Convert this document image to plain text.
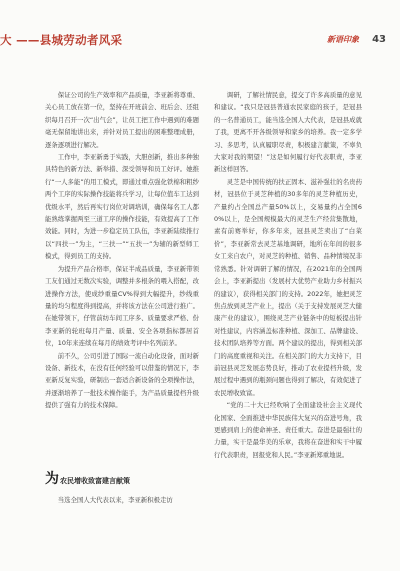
大 ——县城劳动者风采	新语印象 43

保证公司的生产效率和产品质量，李亚新将尊重、关心员工放在第一位，坚持在开班前会、班后会、还组织每月召开一次“出气会”，让员工把工作中遇到的难题毫无保留地讲出来，并针对员工提出的困难整理成册，逐条逐项进行解决。

工作中，李亚新勇于实践，大胆创新，推出多种独具特色的新方法、新举措、深受领导和员工好评。她推行“一人多能”的用工模式，即通过重点强化铁棉和粗纱两个工序的实际操作技能将兵学习，让每位值车工达到优级水平，然后再实行岗位对调培训，确保每名工人都能熟练掌握两至三道工序的操作技能，有效提高了工作效能。同时，为进一步稳定员工队伍，李亚新陆续推行以“四扶一”为主，“三扶一”“五扶一”为辅的新型师工模式，得到员工的支持。

为提升产品合格率，保证半成品质量，李亚新带领工友们通过无数次实验，调整并多根条的喂入搭配，改进操作方法，使成纱重量CV%得到大幅提升，纱线重量的均匀程度得到提高，并将该方法在公司进行推广。在她带领下，仔管前纺车间工序多、质量要求严格、份李亚新的轮班每月产量、质量、安全各项指标都居首位，10年来连续在每月的绩效考评中名列前茅。

前不久，公司引进了国际一流自动化设备，面对新设备、新技术，在没有任何经验可以借鉴的情况下，李亚新反复实验，研制出一套适合新设备的全项操作法，并逐渐培养了一批技术操作能手，为产品质量提档升级提供了强有力的技术保障。

为 农民增收致富建言献策

当选全国人大代表以来，李亚新积极走访

调研，了解社情民意，提交了许多高质量的意见和建议。“我只是冠县普通农民家庭的孩子，是冠县的一名普通员工，能当选全国人大代表，是冠县成就了我，更离不开各级领导和家乡的培养。我一定多学习、多思考，认真履职尽责，积极建言献策，不辜负大家对我的期望！”这是如何履行好代表职责，李亚新这样回答。

灵芝是中国传统的扶正固本、滋补强壮的名贵药材，冠县位于灵芝种植的30多年的灵芝种植历史，产量约占全国总产量50%以上，交易量约占全国60%以上，是全国规模最大的灵芝生产经营集散地，素有前赛举好，你多年来，冠县灵芝卖出了“白菜价”，李亚新常去灵芝基地调研，地所在年间的很多女工来自农户，对灵芝的种植、销售、品种情境况非常熟悉。针对调研了解的情况，在2021年的全国两会上，李亚新提出（发展村大优势产业助力乡村振兴的建议），获得相关部门的支持。2022年，她把灵芝焦点放到灵芝产业上，提出（关于支持发展灵芝大健康产业的建议），围绕灵芝产业链条中的短板提出针对性建议，内容涵盖标准种植、深加工、品牌建设、技术团队培养等方面。两个建议的提出，得到相关部门的高度重视和关注。在相关部门的大力支持下，目前冠县灵芝发展态势良好，推动了农业提档升级，发展过程中遇到的瓶颈问题也得到了解决，有效促进了农民增收致富。

“党的二十大已经吹响了全面建设社会主义现代化国家、全面推进中华民族伟大复兴的奋进号角，我更感到肩上的使命神圣、责任重大。奋进是最强壮的力量，实干是最华美的乐章，我将在奋进和实干中履行代表职责，回报党和人民。”李亚新郑重地说。
